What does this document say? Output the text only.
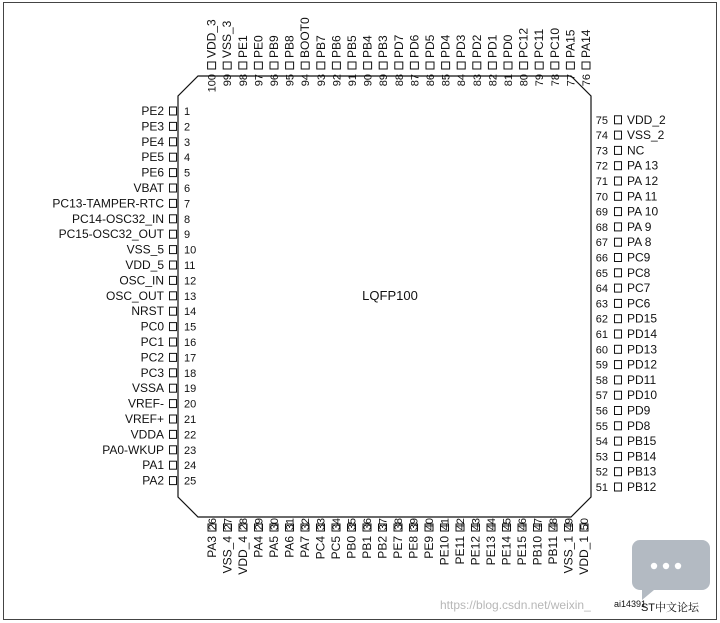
LQFP100
PE2 1
PE3 2
PE4 3
PE5 4
PE6 5
VBAT 6
PC13-TAMPER-RTC 7
PC14-OSC32_IN 8
PC15-OSC32_OUT 9
VSS_5 10
VDD_5 11
OSC_IN 12
OSC_OUT 13
NRST 14
PC0 15
PC1 16
PC2 17
PC3 18
VSSA 19
VREF- 20
VREF+ 21
VDDA 22
PA0-WKUP 23
PA1 24
PA2 25	PB12
51
PB13
52
PB14
53
PB15
54
PD8
55
PD9
56
PD10
57
PD11
58
PD12
59
PD13
60
PD14
61
PD15
62
PC6
63
PC7
64
PC8
65
PC9
66
PA 8
67
PA 9
68
PA 10
69
PA 11
70
PA 12
71
PA 13
72
NC
73
VSS_2
74
VDD_2
75
26
PA3
27
VSS_4
28
VDD_4
29
PA4
30
PA5
31
PA6
32
PA7
33
PC4
34
PC5
35
PB0
36
PB1
37
PB2
38
PE7
39
PE8
40
PE9
41
PE10
42
PE11
43
PE12
44
PE13
45
PE14
46
PE15
47
PB10
48
PB11
49
VSS_1
50
VDD_1
PA14
76
PA15
77
PC10
78
PC11
79
PC12
80
PD0
81
PD1
82
PD2
83
PD3
84
PD4
85
PD5
86
PD6
87
PD7
88
PB3
89
PB4
90
PB5
91
PB6
92
PB7
93
BOOT0
94
PB8
95
PB9
96
PE0
97
PE1
98
VSS_3
99
VDD_3
100
ai14391
https://blog.csdn.net/weixin_	ST中文论坛
